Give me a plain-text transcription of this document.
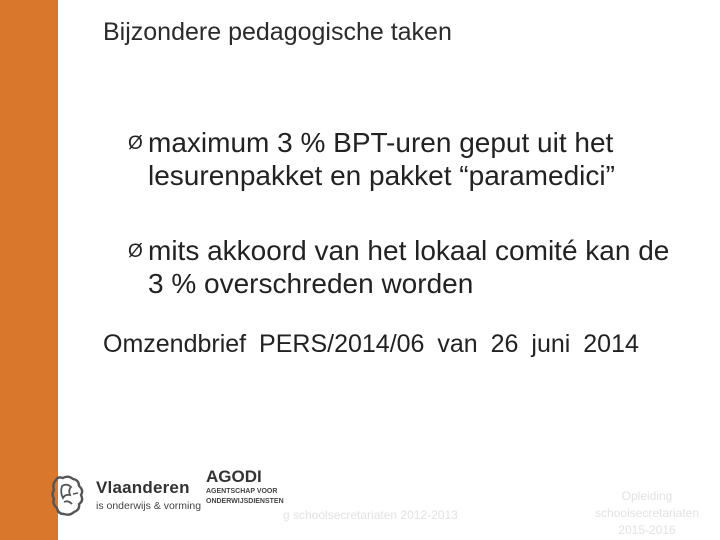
Bijzondere pedagogische taken
Ø maximum 3 % BPT-uren geput uit het lesurenpakket en pakket “paramedici”
Ø mits akkoord van het lokaal comité kan de 3 % overschreden worden
Omzendbrief PERS/2014/06 van 26 juni 2014
Vlaanderen
is onderwijs & vorming
AGODI
AGENTSCHAP VOOR
ONDERWIJSDIENSTEN
g schoolsecretariaten 2012-2013
Opleiding schoolsecretariaten 2015-2016
